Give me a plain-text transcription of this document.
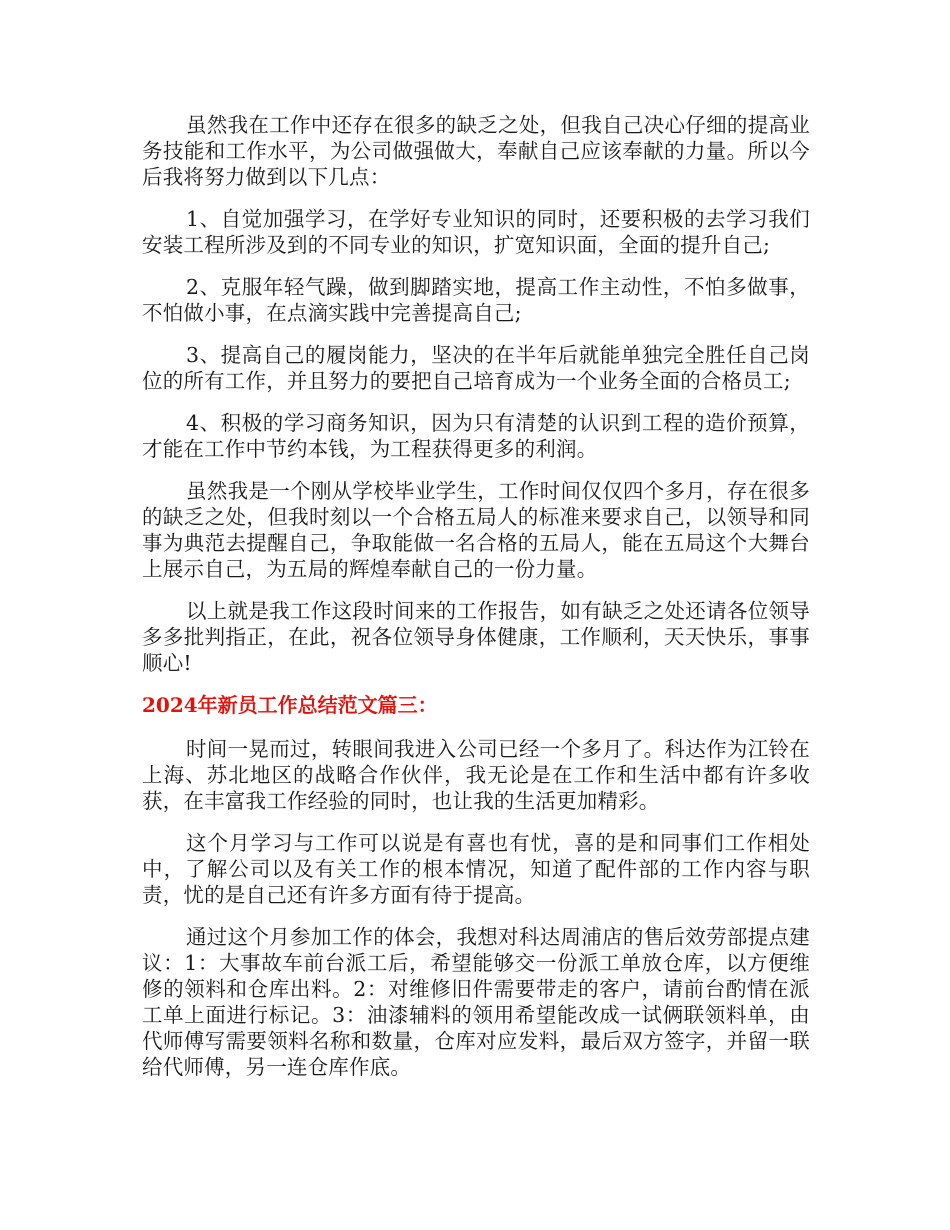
虽然我在工作中还存在很多的缺乏之处，但我自己决心仔细的提高业务技能和工作水平，为公司做强做大，奉献自己应该奉献的力量。所以今后我将努力做到以下几点：

1、自觉加强学习，在学好专业知识的同时，还要积极的去学习我们安装工程所涉及到的不同专业的知识，扩宽知识面，全面的提升自己;

2、克服年轻气躁，做到脚踏实地，提高工作主动性，不怕多做事，不怕做小事，在点滴实践中完善提高自己;

3、提高自己的履岗能力，坚决的在半年后就能单独完全胜任自己岗位的所有工作，并且努力的要把自己培育成为一个业务全面的合格员工;

4、积极的学习商务知识，因为只有清楚的认识到工程的造价预算，才能在工作中节约本钱，为工程获得更多的利润。

虽然我是一个刚从学校毕业学生，工作时间仅仅四个多月，存在很多的缺乏之处，但我时刻以一个合格五局人的标准来要求自己，以领导和同事为典范去提醒自己，争取能做一名合格的五局人，能在五局这个大舞台上展示自己，为五局的辉煌奉献自己的一份力量。

以上就是我工作这段时间来的工作报告，如有缺乏之处还请各位领导多多批判指正，在此，祝各位领导身体健康，工作顺利，天天快乐，事事顺心!

2024年新员工作总结范文篇三：

时间一晃而过，转眼间我进入公司已经一个多月了。科达作为江铃在上海、苏北地区的战略合作伙伴，我无论是在工作和生活中都有许多收获，在丰富我工作经验的同时，也让我的生活更加精彩。

这个月学习与工作可以说是有喜也有忧，喜的是和同事们工作相处中，了解公司以及有关工作的根本情况，知道了配件部的工作内容与职责，忧的是自己还有许多方面有待于提高。

通过这个月参加工作的体会，我想对科达周浦店的售后效劳部提点建议：1：大事故车前台派工后，希望能够交一份派工单放仓库，以方便维修的领料和仓库出料。2：对维修旧件需要带走的客户，请前台酌情在派工单上面进行标记。3：油漆辅料的领用希望能改成一试俩联领料单，由代师傅写需要领料名称和数量，仓库对应发料，最后双方签字，并留一联给代师傅，另一连仓库作底。
